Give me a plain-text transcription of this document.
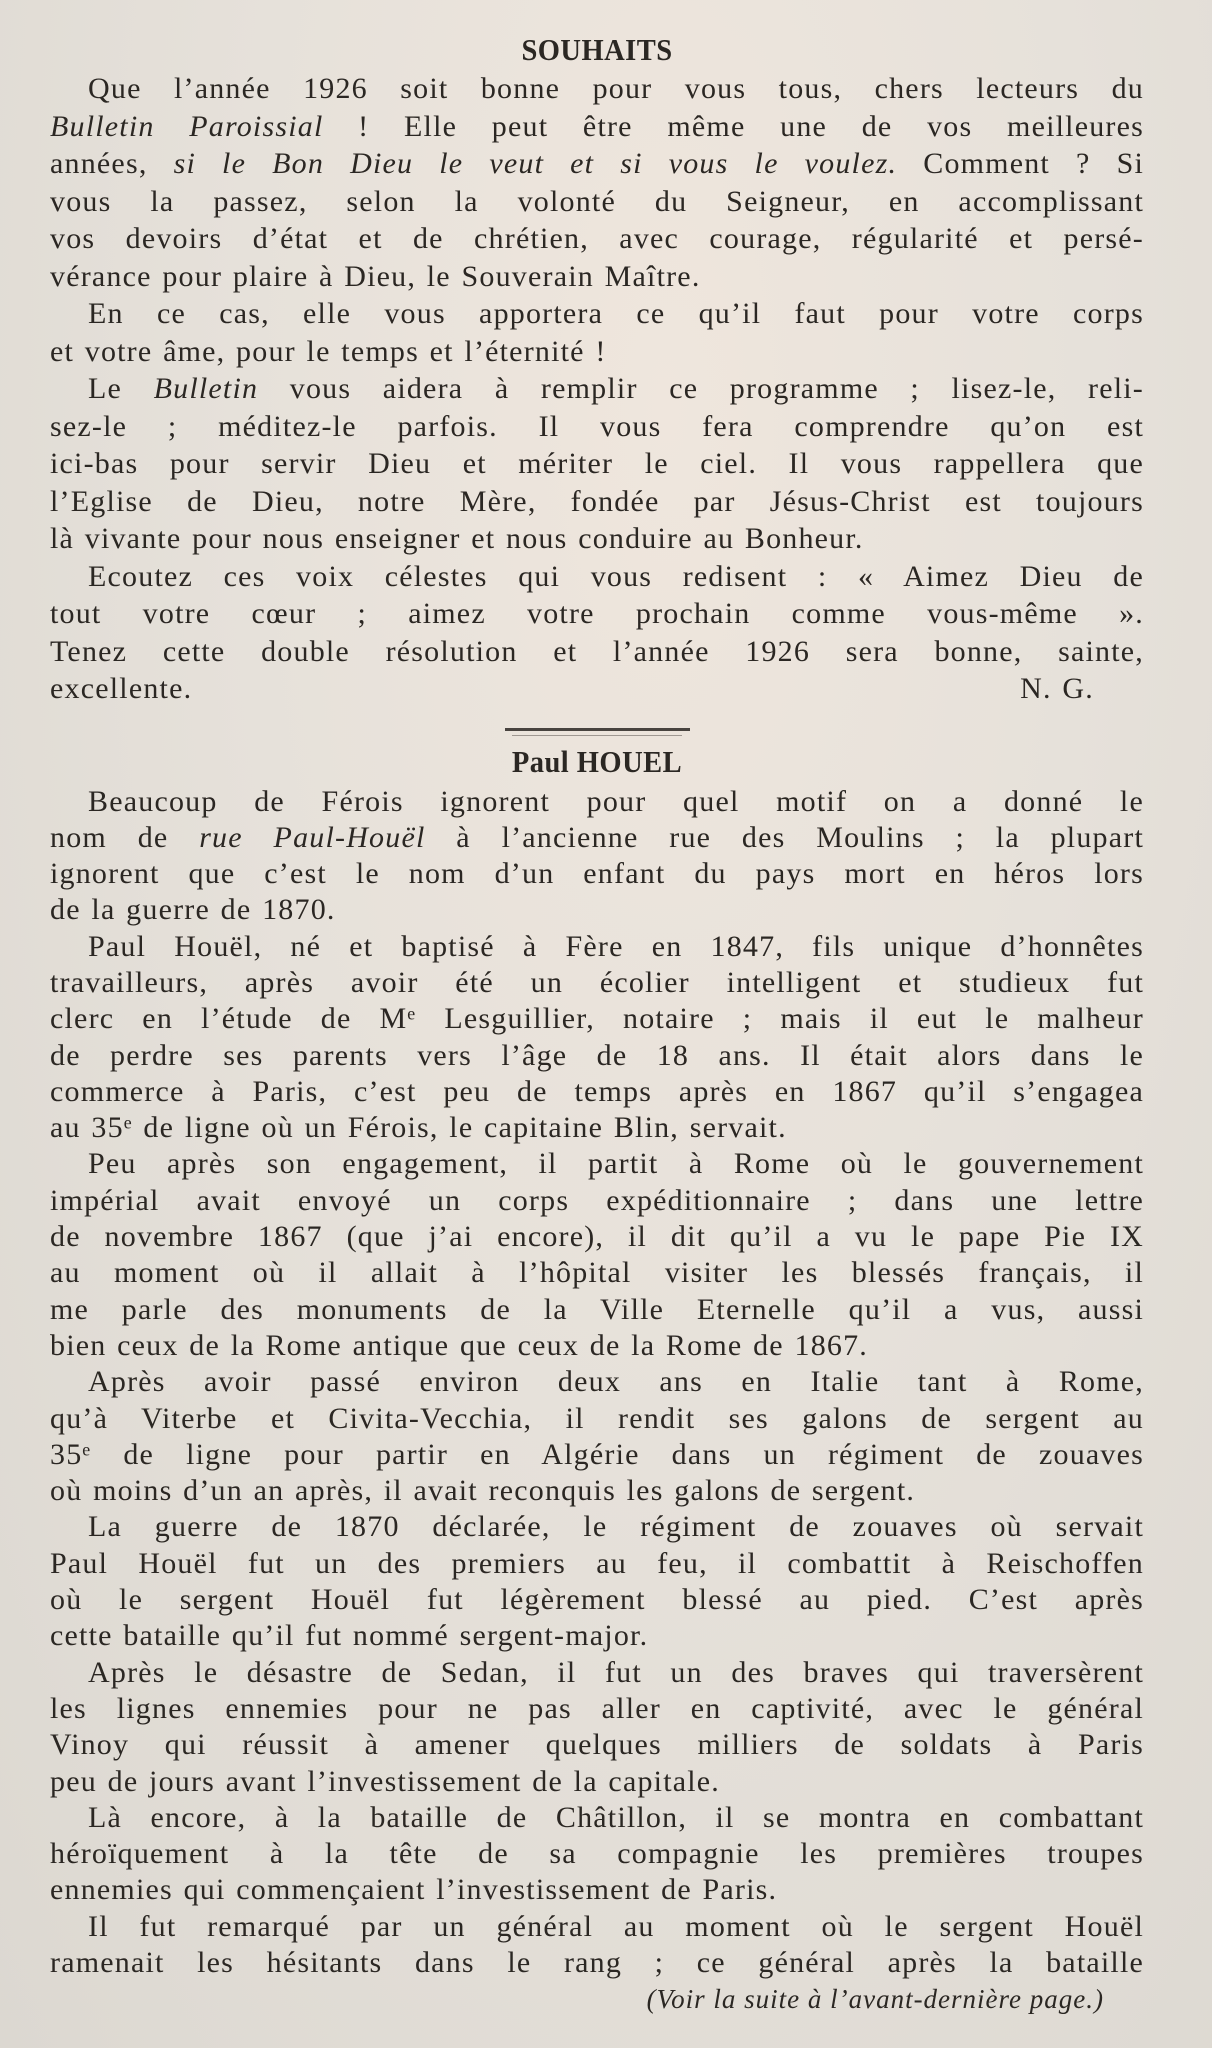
SOUHAITS
Que l’année 1926 soit bonne pour vous tous, chers lecteurs du
Bulletin Paroissial ! Elle peut être même une de vos meilleures
années, si le Bon Dieu le veut et si vous le voulez. Comment ? Si
vous la passez, selon la volonté du Seigneur, en accomplissant
vos devoirs d’état et de chrétien, avec courage, régularité et persé-
vérance pour plaire à Dieu, le Souverain Maître.
En ce cas, elle vous apportera ce qu’il faut pour votre corps
et votre âme, pour le temps et l’éternité !
Le Bulletin vous aidera à remplir ce programme ; lisez-le, reli-
sez-le ; méditez-le parfois. Il vous fera comprendre qu’on est
ici-bas pour servir Dieu et mériter le ciel. Il vous rappellera que
l’Eglise de Dieu, notre Mère, fondée par Jésus-Christ est toujours
là vivante pour nous enseigner et nous conduire au Bonheur.
Ecoutez ces voix célestes qui vous redisent : « Aimez Dieu de
tout votre cœur ; aimez votre prochain comme vous-même ».
Tenez cette double résolution et l’année 1926 sera bonne, sainte,
excellente.	N. G.
Paul HOUEL
Beaucoup de Férois ignorent pour quel motif on a donné le
nom de rue Paul-Houël à l’ancienne rue des Moulins ; la plupart
ignorent que c’est le nom d’un enfant du pays mort en héros lors
de la guerre de 1870.
Paul Houël, né et baptisé à Fère en 1847, fils unique d’honnêtes
travailleurs, après avoir été un écolier intelligent et studieux fut
clerc en l’étude de Mᵉ Lesguillier, notaire ; mais il eut le malheur
de perdre ses parents vers l’âge de 18 ans. Il était alors dans le
commerce à Paris, c’est peu de temps après en 1867 qu’il s’engagea
au 35ᵉ de ligne où un Férois, le capitaine Blin, servait.
Peu après son engagement, il partit à Rome où le gouvernement
impérial avait envoyé un corps expéditionnaire ; dans une lettre
de novembre 1867 (que j’ai encore), il dit qu’il a vu le pape Pie IX
au moment où il allait à l’hôpital visiter les blessés français, il
me parle des monuments de la Ville Eternelle qu’il a vus, aussi
bien ceux de la Rome antique que ceux de la Rome de 1867.
Après avoir passé environ deux ans en Italie tant à Rome,
qu’à Viterbe et Civita-Vecchia, il rendit ses galons de sergent au
35ᵉ de ligne pour partir en Algérie dans un régiment de zouaves
où moins d’un an après, il avait reconquis les galons de sergent.
La guerre de 1870 déclarée, le régiment de zouaves où servait
Paul Houël fut un des premiers au feu, il combattit à Reischoffen
où le sergent Houël fut légèrement blessé au pied. C’est après
cette bataille qu’il fut nommé sergent-major.
Après le désastre de Sedan, il fut un des braves qui traversèrent
les lignes ennemies pour ne pas aller en captivité, avec le général
Vinoy qui réussit à amener quelques milliers de soldats à Paris
peu de jours avant l’investissement de la capitale.
Là encore, à la bataille de Châtillon, il se montra en combattant
héroïquement à la tête de sa compagnie les premières troupes
ennemies qui commençaient l’investissement de Paris.
Il fut remarqué par un général au moment où le sergent Houël
ramenait les hésitants dans le rang ; ce général après la bataille
(Voir la suite à l’avant-dernière page.)
